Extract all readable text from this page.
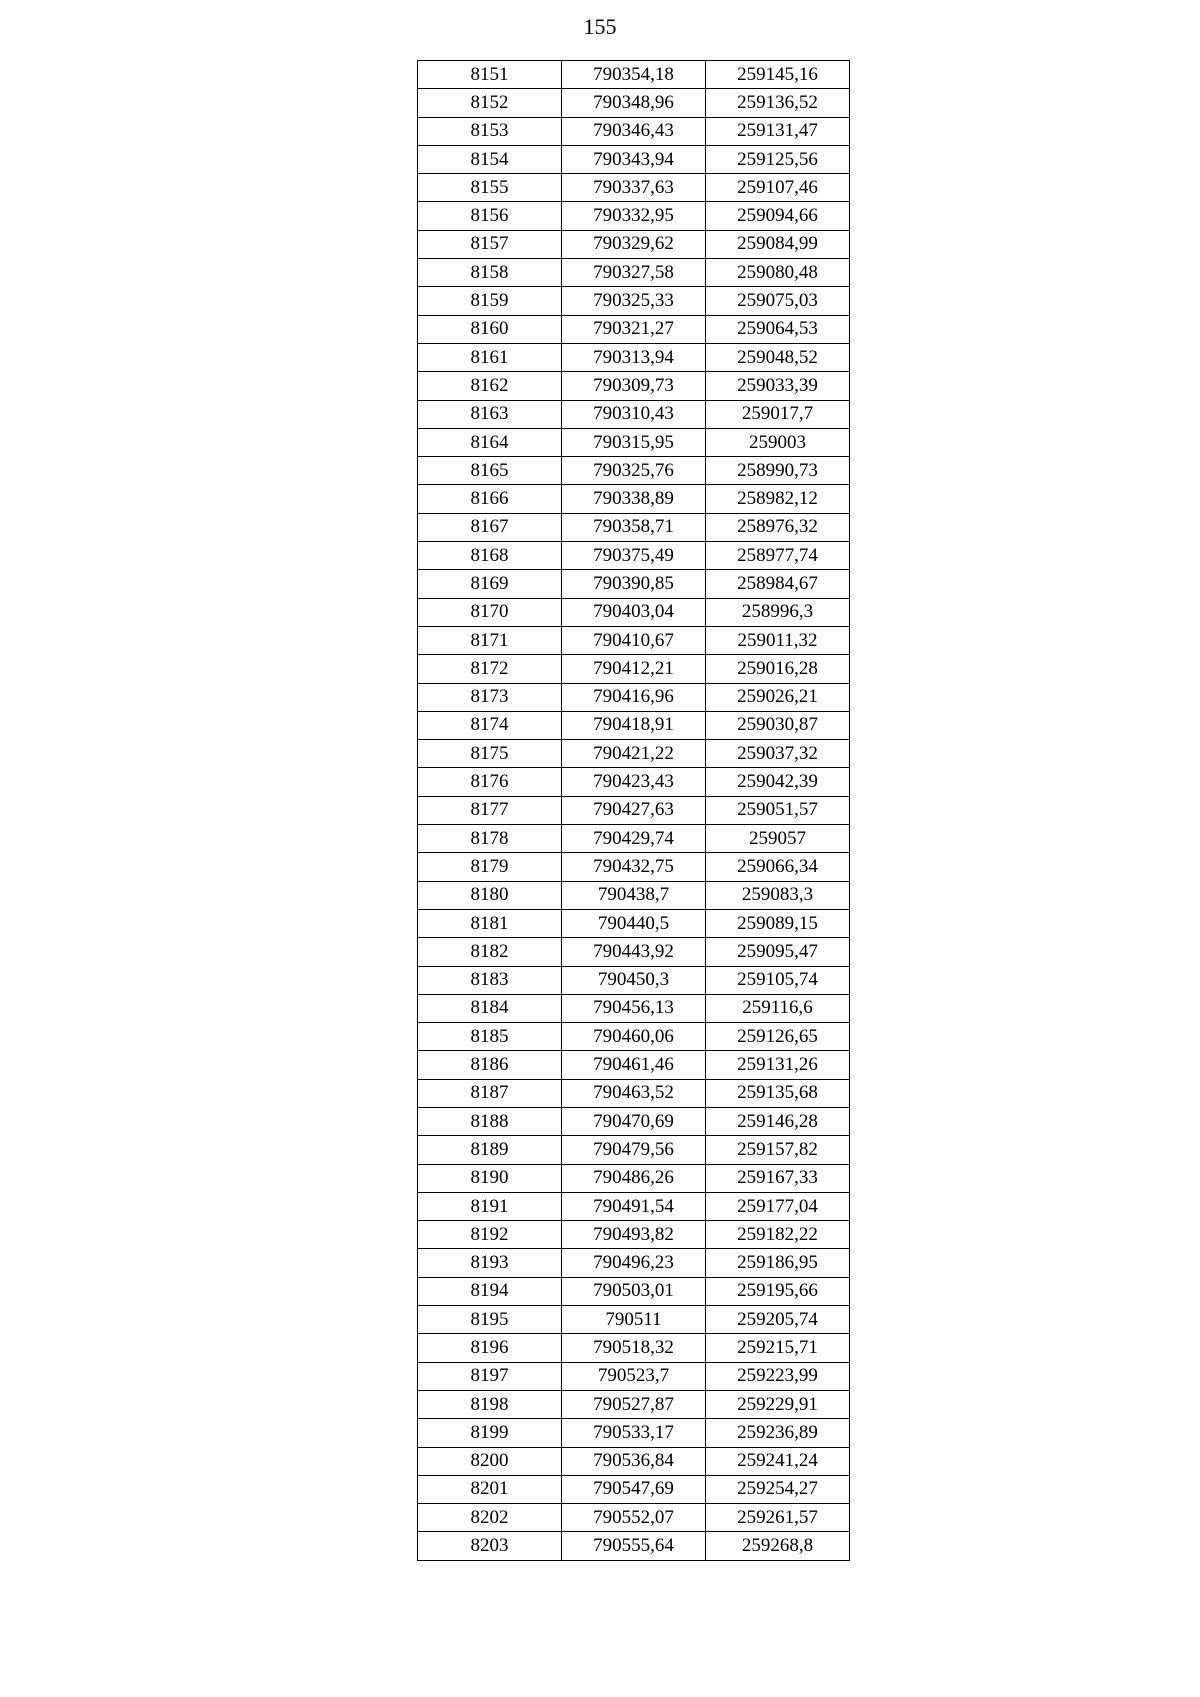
155
8151	790354,18	259145,16
8152	790348,96	259136,52
8153	790346,43	259131,47
8154	790343,94	259125,56
8155	790337,63	259107,46
8156	790332,95	259094,66
8157	790329,62	259084,99
8158	790327,58	259080,48
8159	790325,33	259075,03
8160	790321,27	259064,53
8161	790313,94	259048,52
8162	790309,73	259033,39
8163	790310,43	259017,7
8164	790315,95	259003
8165	790325,76	258990,73
8166	790338,89	258982,12
8167	790358,71	258976,32
8168	790375,49	258977,74
8169	790390,85	258984,67
8170	790403,04	258996,3
8171	790410,67	259011,32
8172	790412,21	259016,28
8173	790416,96	259026,21
8174	790418,91	259030,87
8175	790421,22	259037,32
8176	790423,43	259042,39
8177	790427,63	259051,57
8178	790429,74	259057
8179	790432,75	259066,34
8180	790438,7	259083,3
8181	790440,5	259089,15
8182	790443,92	259095,47
8183	790450,3	259105,74
8184	790456,13	259116,6
8185	790460,06	259126,65
8186	790461,46	259131,26
8187	790463,52	259135,68
8188	790470,69	259146,28
8189	790479,56	259157,82
8190	790486,26	259167,33
8191	790491,54	259177,04
8192	790493,82	259182,22
8193	790496,23	259186,95
8194	790503,01	259195,66
8195	790511	259205,74
8196	790518,32	259215,71
8197	790523,7	259223,99
8198	790527,87	259229,91
8199	790533,17	259236,89
8200	790536,84	259241,24
8201	790547,69	259254,27
8202	790552,07	259261,57
8203	790555,64	259268,8
